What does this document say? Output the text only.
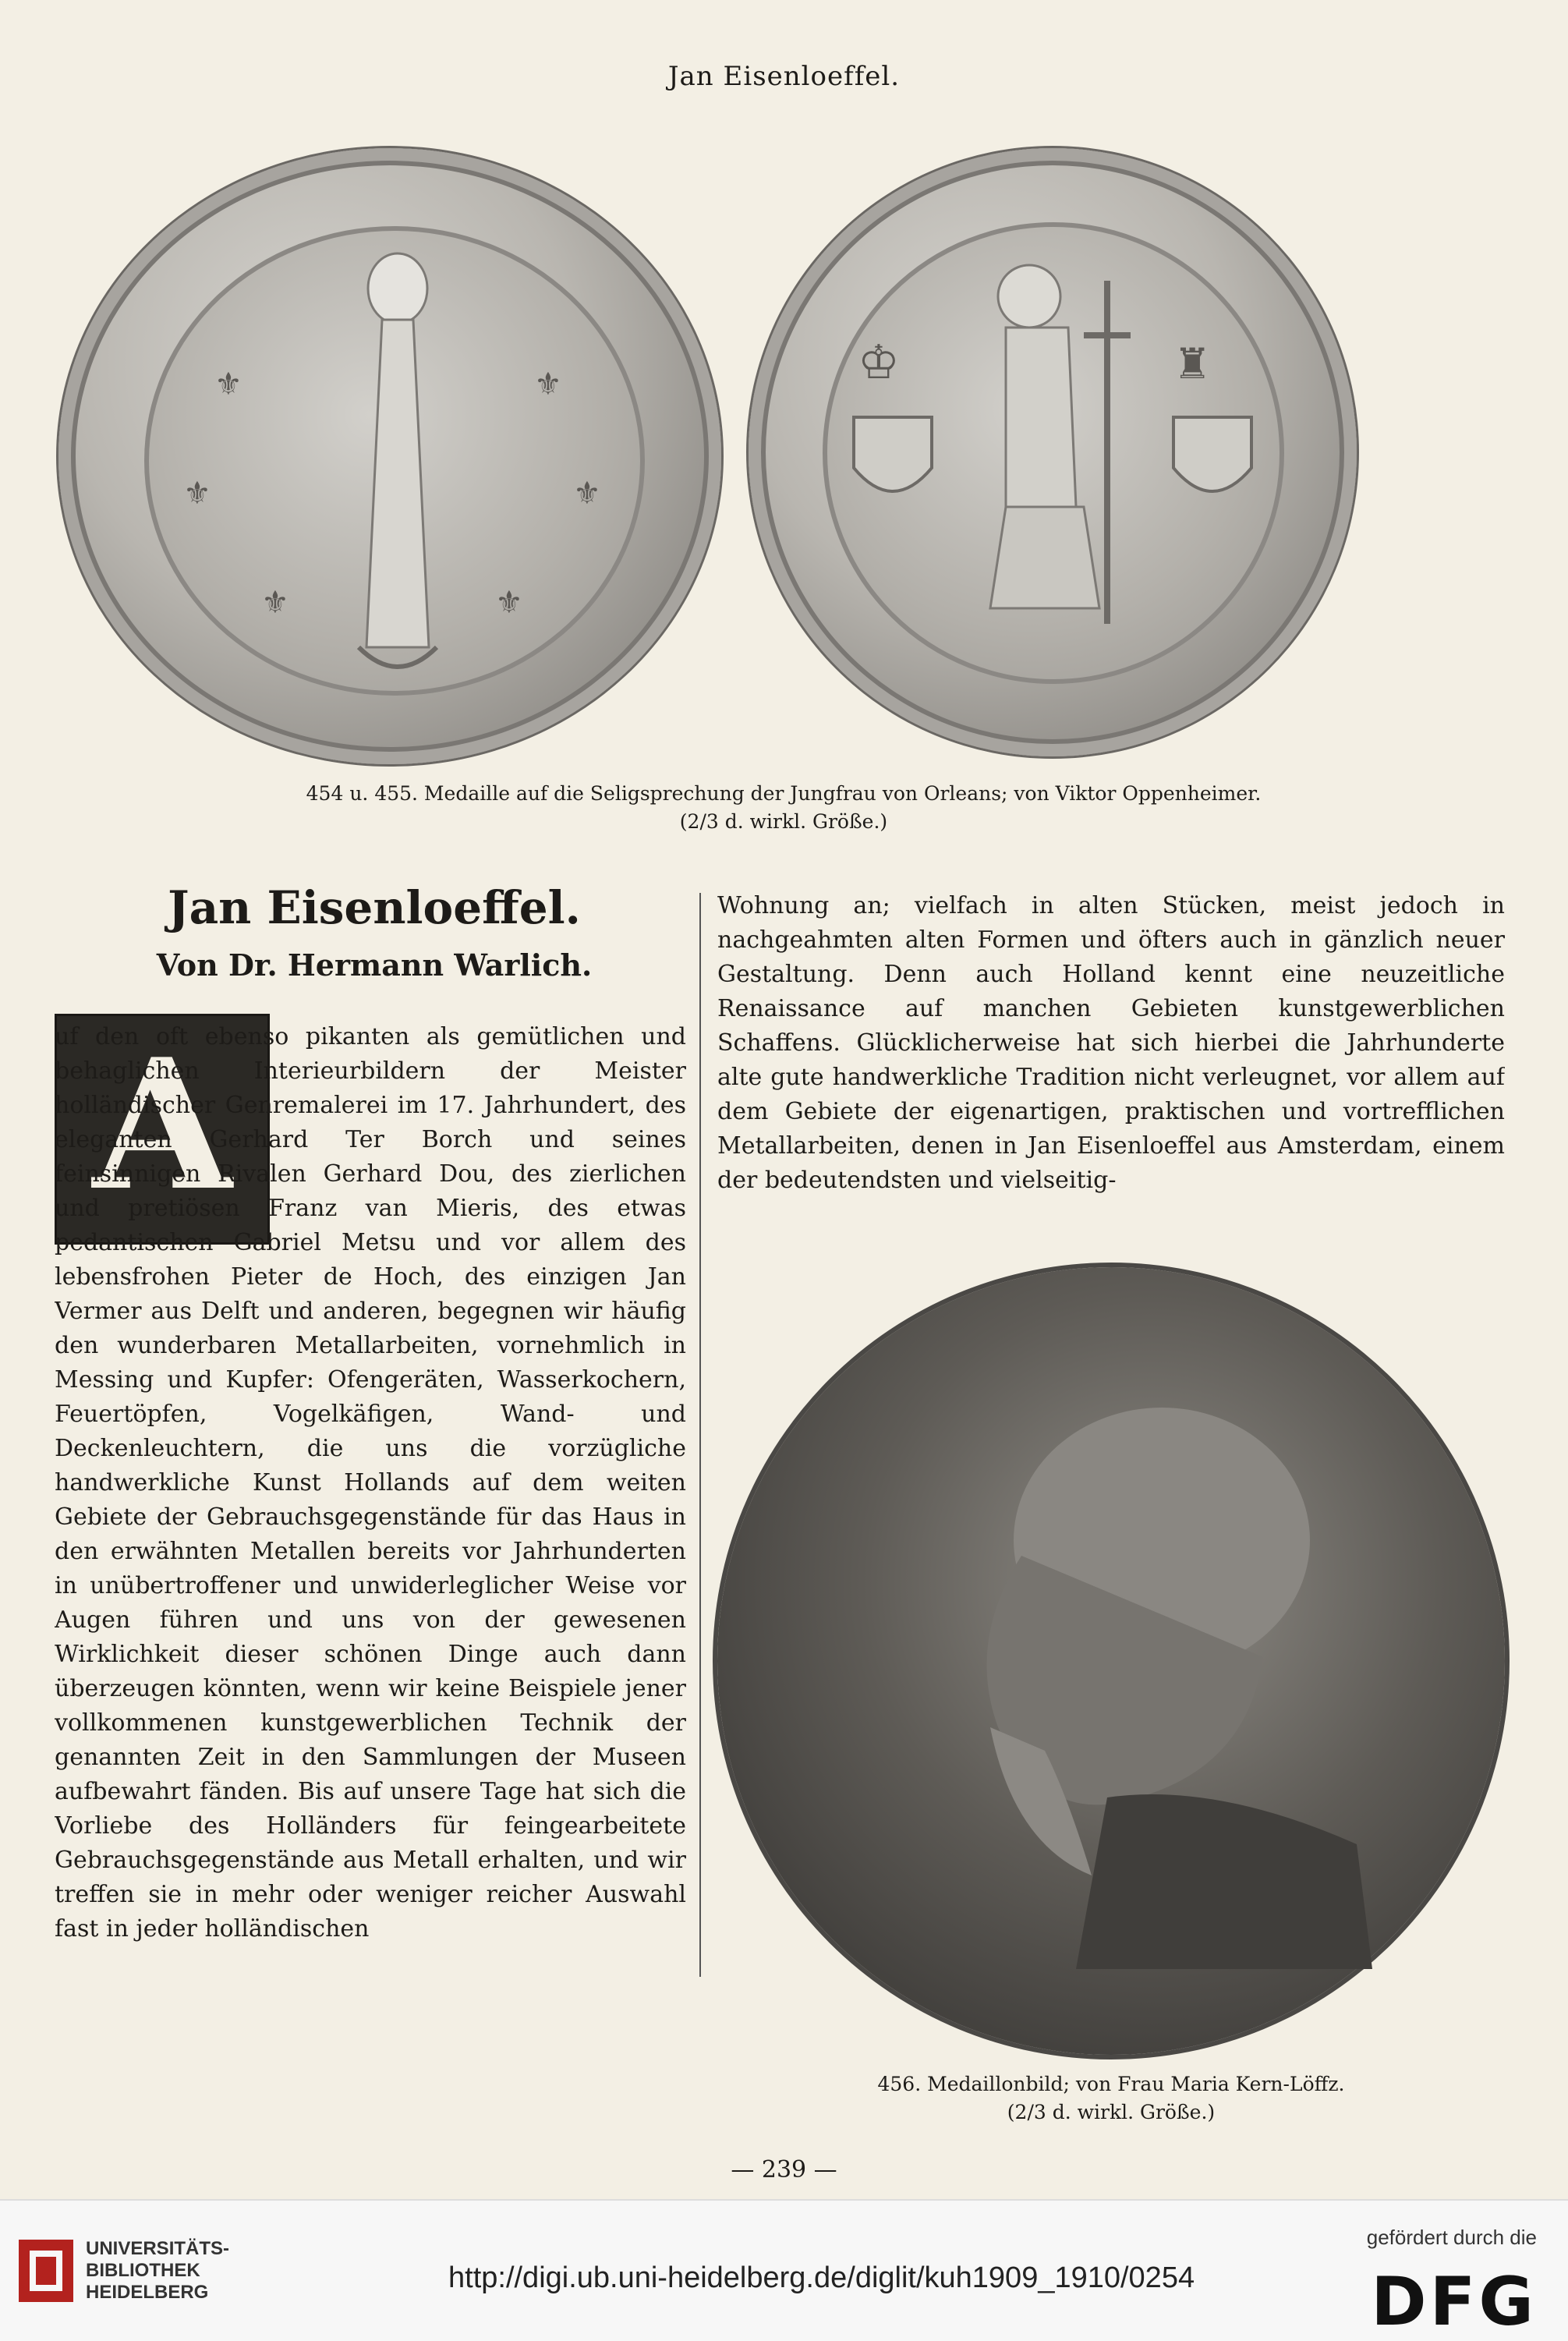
Jan Eisenloeffel.
⚜	⚜
⚜	⚜
⚜	⚜
♔	♜
454 u. 455. Medaille auf die Seligsprechung der Jungfrau von Orleans; von Viktor Oppenheimer.
(2/3 d. wirkl. Größe.)
Jan Eisenloeffel.
Von Dr. Hermann Warlich.
A

uf den oft ebenso pikanten als gemütlichen und behaglichen Interieurbildern der Meister holländischer Genremalerei im 17. Jahrhundert, des eleganten Gerhard Ter Borch und seines feinsinnigen Rivalen Gerhard Dou, des zierlichen und pretiösen Franz van Mieris, des etwas pedantischen Gabriel Metsu und vor allem des lebensfrohen Pieter de Hoch, des einzigen Jan Vermer aus Delft und anderen, begegnen wir häufig den wunderbaren Metallarbeiten, vornehmlich in Messing und Kupfer: Ofengeräten, Wasserkochern, Feuertöpfen, Vogelkäfigen, Wand- und Deckenleuchtern, die uns die vorzügliche handwerkliche Kunst Hollands auf dem weiten Gebiete der Gebrauchsgegenstände für das Haus in den erwähnten Metallen bereits vor Jahrhunderten in unübertroffener und unwiderleglicher Weise vor Augen führen und uns von der gewesenen Wirklichkeit dieser schönen Dinge auch dann überzeugen könnten, wenn wir keine Beispiele jener vollkommenen kunstgewerblichen Technik der genannten Zeit in den Sammlungen der Museen aufbewahrt fänden. Bis auf unsere Tage hat sich die Vorliebe des Holländers für feingearbeitete Gebrauchsgegenstände aus Metall erhalten, und wir treffen sie in mehr oder weniger reicher Auswahl fast in jeder holländischen

Wohnung an; vielfach in alten Stücken, meist jedoch in nachgeahmten alten Formen und öfters auch in gänzlich neuer Gestaltung. Denn auch Holland kennt eine neuzeitliche Renaissance auf manchen Gebieten kunstgewerblichen Schaffens. Glücklicherweise hat sich hierbei die Jahrhunderte alte gute handwerkliche Tradition nicht verleugnet, vor allem auf dem Gebiete der eigenartigen, praktischen und vortrefflichen Metallarbeiten, denen in Jan Eisenloeffel aus Amsterdam, einem der bedeutendsten und vielseitig-

456. Medaillonbild; von Frau Maria Kern-Löffz.
(2/3 d. wirkl. Größe.)
— 239 —
UNIVERSITÄTS-
BIBLIOTHEK
HEIDELBERG	http://digi.ub.uni-heidelberg.de/diglit/kuh1909_1910/0254
gefördert durch die
DFG
